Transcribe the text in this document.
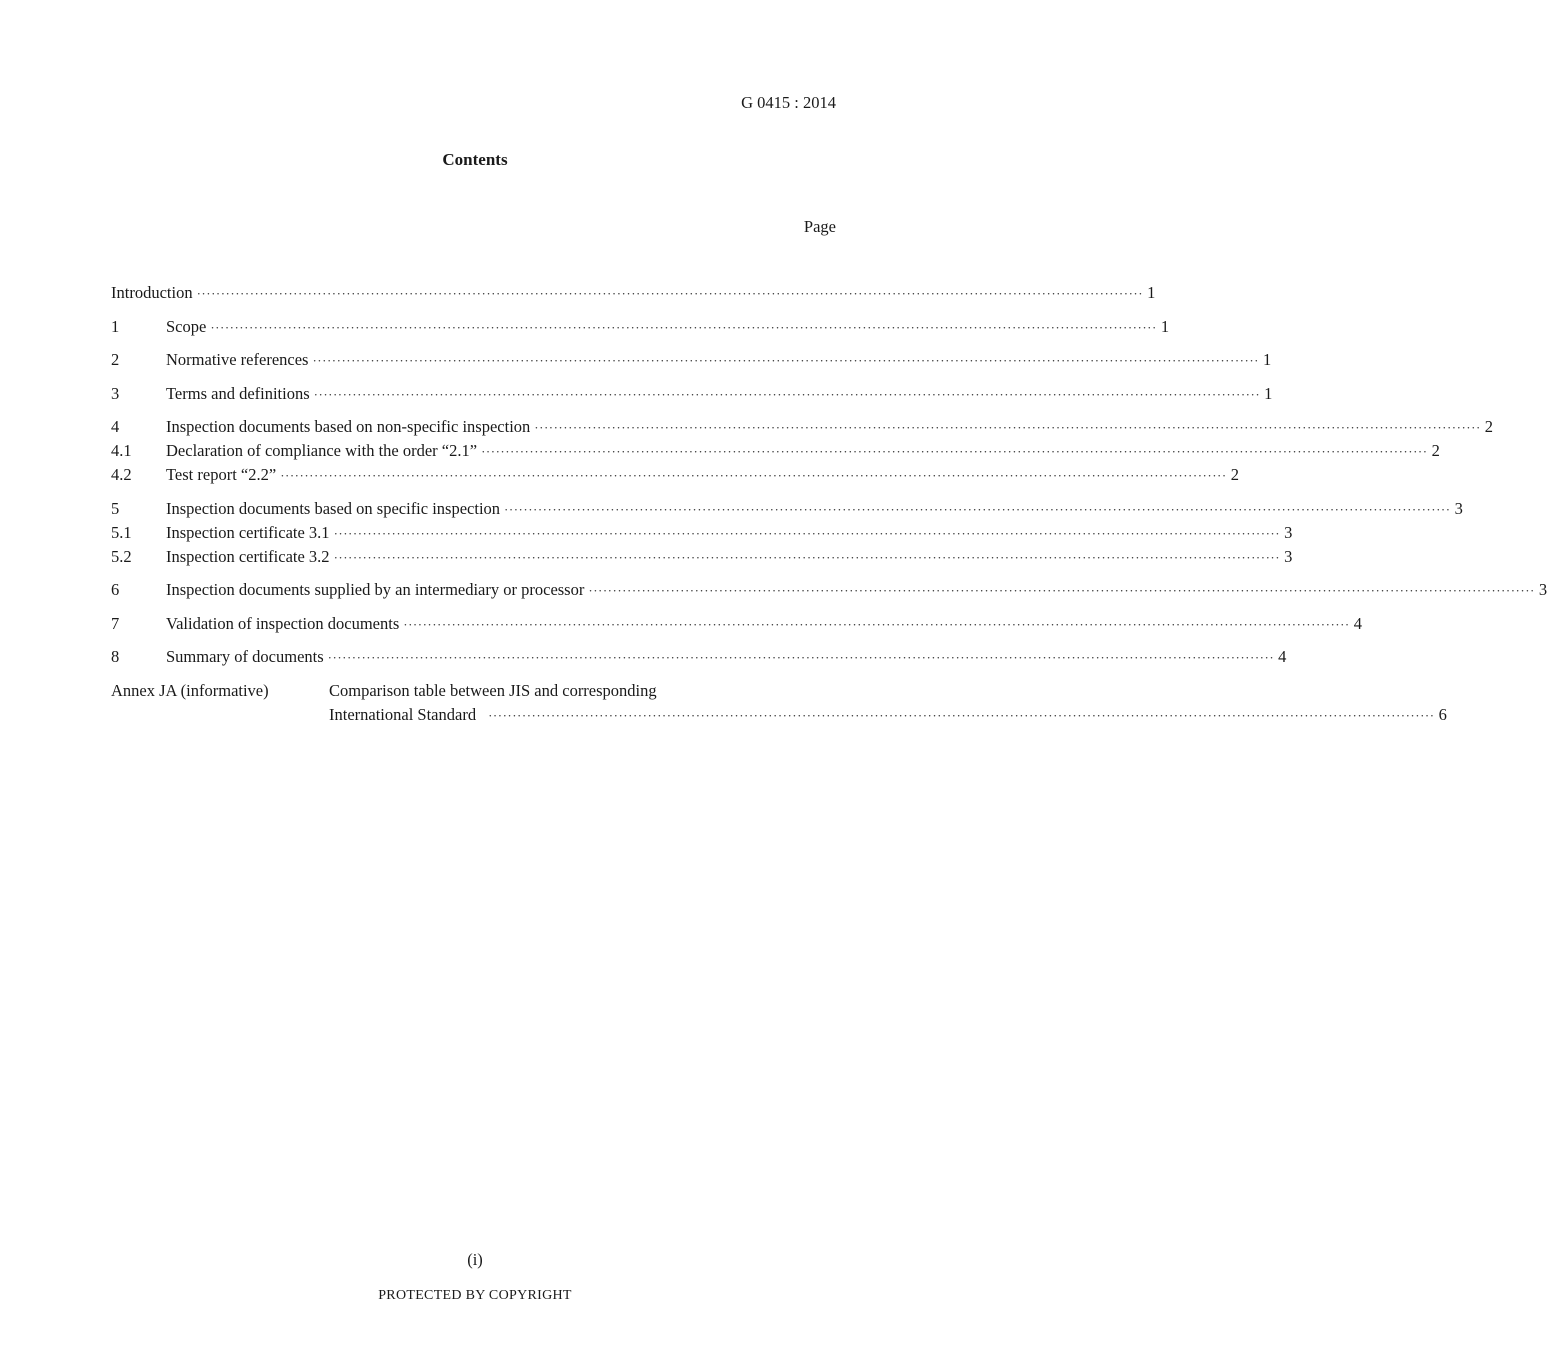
G 0415 : 2014
Contents
Page
Introduction ·····	1
1	Scope ·····	1
2	Normative references ·····	1
3	Terms and definitions ·····	1
4	Inspection documents based on non-specific inspection ·····	2
4.1	Declaration of compliance with the order “2.1” ·····	2
4.2	Test report “2.2” ·····	2
5	Inspection documents based on specific inspection ·····	3
5.1	Inspection certificate 3.1 ·····	3
5.2	Inspection certificate 3.2 ·····	3
6	Inspection documents supplied by an intermediary or processor ·····	3
7	Validation of inspection documents ·····	4
8	Summary of documents ·····	4
Annex JA (informative)	Comparison table between JIS and corresponding
International Standard ·····	6
(i)
PROTECTED BY COPYRIGHT
